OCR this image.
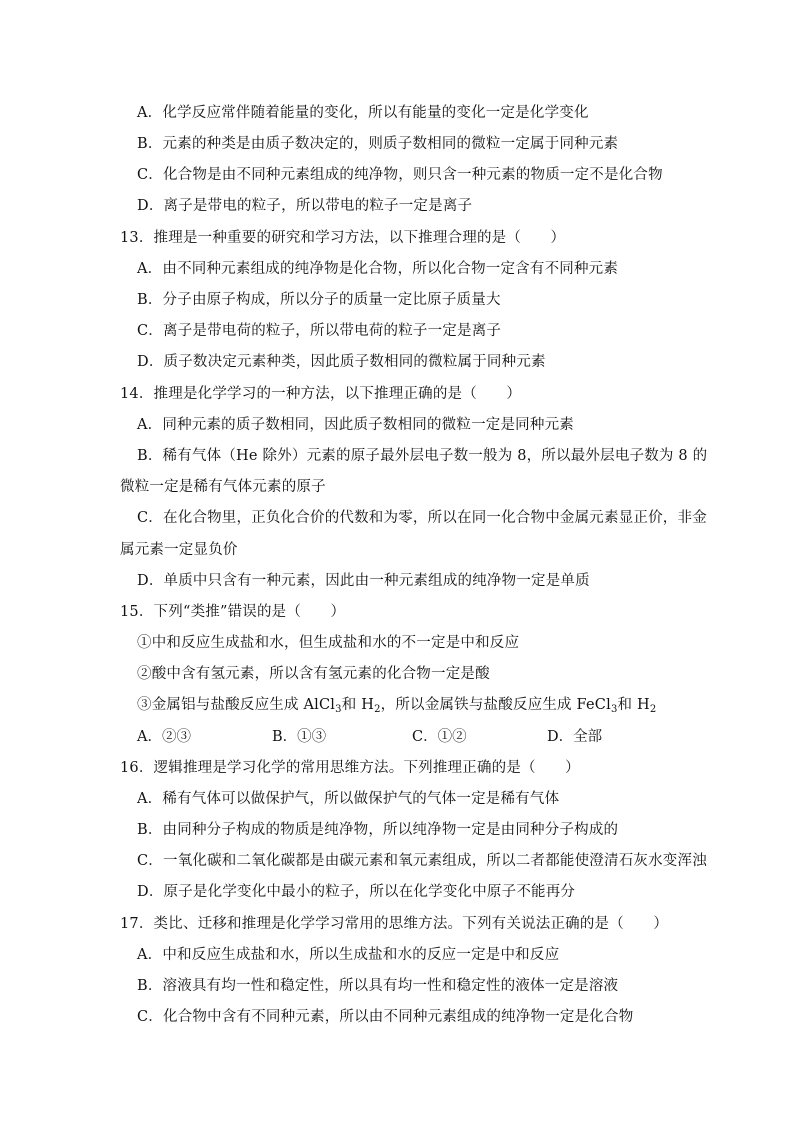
A．化学反应常伴随着能量的变化，所以有能量的变化一定是化学变化
B．元素的种类是由质子数决定的，则质子数相同的微粒一定属于同种元素
C．化合物是由不同种元素组成的纯净物，则只含一种元素的物质一定不是化合物
D．离子是带电的粒子，所以带电的粒子一定是离子
13．推理是一种重要的研究和学习方法，以下推理合理的是（　　）
A．由不同种元素组成的纯净物是化合物，所以化合物一定含有不同种元素
B．分子由原子构成，所以分子的质量一定比原子质量大
C．离子是带电荷的粒子，所以带电荷的粒子一定是离子
D．质子数决定元素种类，因此质子数相同的微粒属于同种元素
14．推理是化学学习的一种方法，以下推理正确的是（　　）
A．同种元素的质子数相同，因此质子数相同的微粒一定是同种元素
B．稀有气体（He 除外）元素的原子最外层电子数一般为 8，所以最外层电子数为 8 的
微粒一定是稀有气体元素的原子
C．在化合物里，正负化合价的代数和为零，所以在同一化合物中金属元素显正价，非金
属元素一定显负价
D．单质中只含有一种元素，因此由一种元素组成的纯净物一定是单质
15．下列“类推”错误的是（　　）
①中和反应生成盐和水，但生成盐和水的不一定是中和反应
②酸中含有氢元素，所以含有氢元素的化合物一定是酸
③金属铝与盐酸反应生成 AlCl$_3$和 $H_2$，所以金属铁与盐酸反应生成 FeCl$_3$和 $H_2$
A．②③	B．①③	C．①②	D．全部
16．逻辑推理是学习化学的常用思维方法。下列推理正确的是（　　）
A．稀有气体可以做保护气，所以做保护气的气体一定是稀有气体
B．由同种分子构成的物质是纯净物，所以纯净物一定是由同种分子构成的
C．一氧化碳和二氧化碳都是由碳元素和氧元素组成，所以二者都能使澄清石灰水变浑浊
D．原子是化学变化中最小的粒子，所以在化学变化中原子不能再分
17．类比、迁移和推理是化学学习常用的思维方法。下列有关说法正确的是（　　）
A．中和反应生成盐和水，所以生成盐和水的反应一定是中和反应
B．溶液具有均一性和稳定性，所以具有均一性和稳定性的液体一定是溶液
C．化合物中含有不同种元素，所以由不同种元素组成的纯净物一定是化合物
